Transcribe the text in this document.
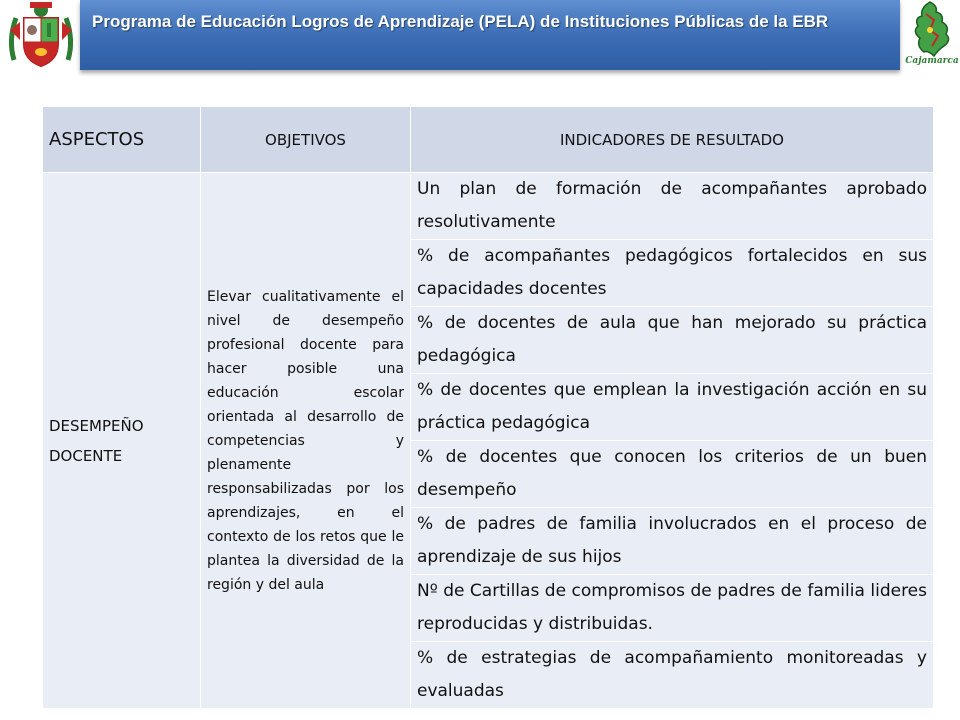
Programa de Educación Logros de Aprendizaje (PELA) de Instituciones Públicas de la EBR
Cajamarca
ASPECTOS	OBJETIVOS	INDICADORES DE RESULTADO
DESEMPEÑO DOCENTE	Elevar cualitativamente el nivel de desempeño profesional docente para hacer posible una educación escolar orientada al desarrollo de competencias y plenamente responsabilizadas por los aprendizajes, en el contexto de los retos que le plantea la diversidad de la región y del aula	Un plan de formación de acompañantes aprobado resolutivamente
		% de acompañantes pedagógicos fortalecidos en sus capacidades docentes
		% de docentes de aula que han mejorado su práctica pedagógica
		% de docentes que emplean la investigación acción en su práctica pedagógica
		% de docentes que conocen los criterios de un buen desempeño
		% de padres de familia involucrados en el proceso de aprendizaje de sus hijos
		Nº de Cartillas de compromisos de padres de familia lideres reproducidas y distribuidas.
		% de estrategias de acompañamiento monitoreadas y evaluadas
